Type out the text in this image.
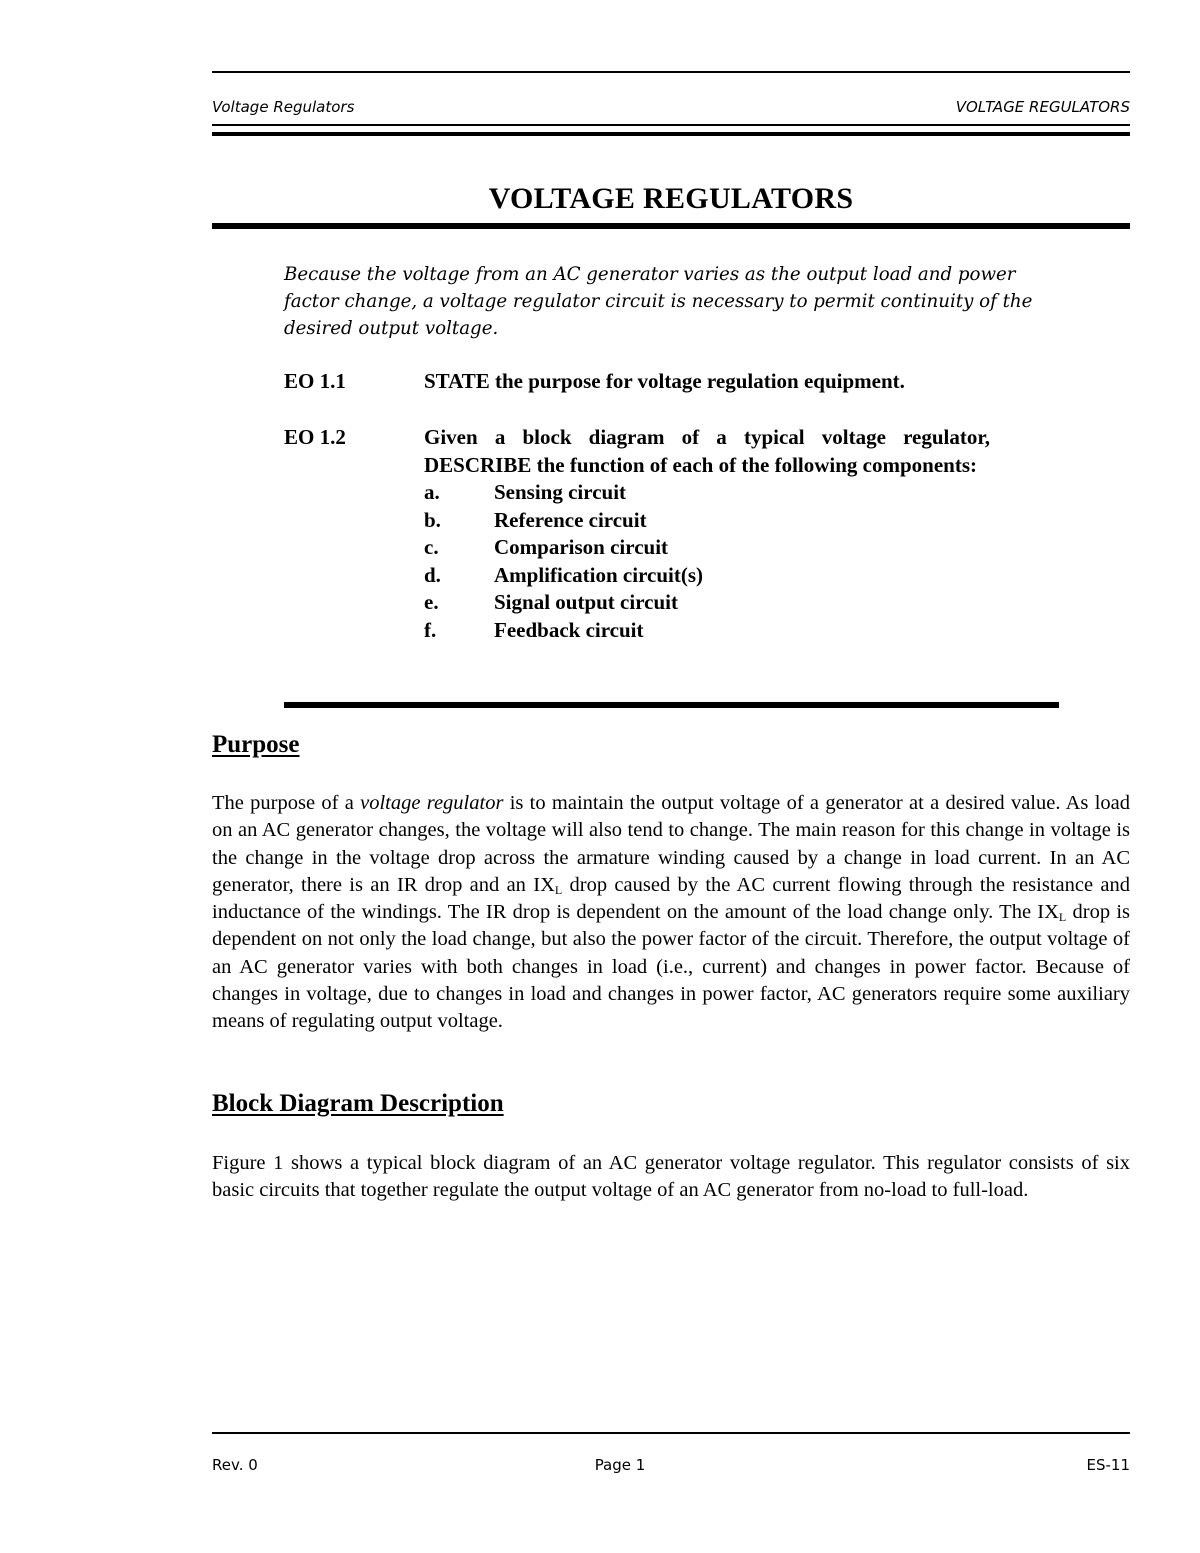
Voltage Regulators	VOLTAGE REGULATORS
VOLTAGE REGULATORS
Because the voltage from an AC generator varies as the output load and power factor change, a voltage regulator circuit is necessary to permit continuity of the desired output voltage.
EO 1.1	STATE the purpose for voltage regulation equipment.
EO 1.2	Given a block diagram of a typical voltage regulator, DESCRIBE the function of each of the following components:
a.	Sensing circuit
b.	Reference circuit
c.	Comparison circuit
d.	Amplification circuit(s)
e.	Signal output circuit
f.	Feedback circuit
Purpose
The purpose of a voltage regulator is to maintain the output voltage of a generator at a desired value. As load on an AC generator changes, the voltage will also tend to change. The main reason for this change in voltage is the change in the voltage drop across the armature winding caused by a change in load current. In an AC generator, there is an IR drop and an $IX_L$ drop caused by the AC current flowing through the resistance and inductance of the windings. The IR drop is dependent on the amount of the load change only. The $IX_L$ drop is dependent on not only the load change, but also the power factor of the circuit. Therefore, the output voltage of an AC generator varies with both changes in load (i.e., current) and changes in power factor. Because of changes in voltage, due to changes in load and changes in power factor, AC generators require some auxiliary means of regulating output voltage.
Block Diagram Description
Figure 1 shows a typical block diagram of an AC generator voltage regulator. This regulator consists of six basic circuits that together regulate the output voltage of an AC generator from no-load to full-load.
Rev. 0	Page 1	ES-11
